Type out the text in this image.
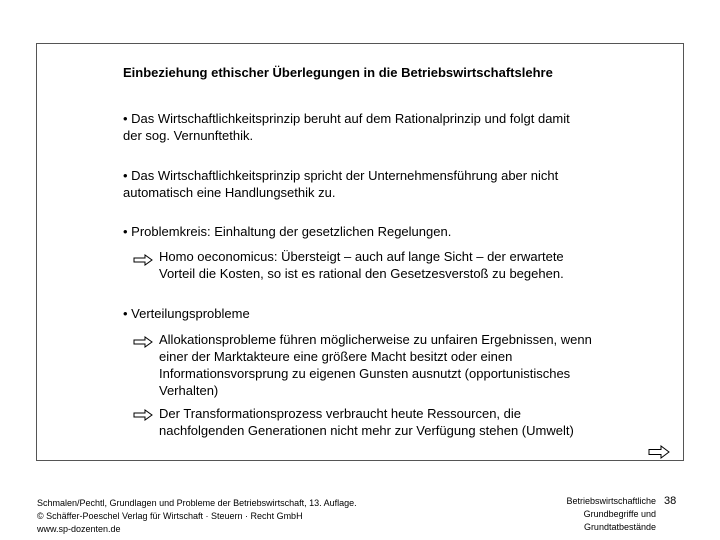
Einbeziehung ethischer Überlegungen in die Betriebswirtschaftslehre
• Das Wirtschaftlichkeitsprinzip beruht auf dem Rationalprinzip und folgt damit
der sog. Vernunftethik.
• Das Wirtschaftlichkeitsprinzip spricht der Unternehmensführung aber nicht
automatisch eine Handlungsethik zu.
• Problemkreis: Einhaltung der gesetzlichen Regelungen.
Homo oeconomicus: Übersteigt – auch auf lange Sicht – der erwartete
Vorteil die Kosten, so ist es rational den Gesetzesverstoß zu begehen.
• Verteilungsprobleme
Allokationsprobleme führen möglicherweise zu unfairen Ergebnissen, wenn
einer der Marktakteure eine größere Macht besitzt oder einen
Informationsvorsprung zu eigenen Gunsten ausnutzt (opportunistisches
Verhalten)
Der Transformationsprozess verbraucht heute Ressourcen, die
nachfolgenden Generationen nicht mehr zur Verfügung stehen (Umwelt)
Schmalen/Pechtl, Grundlagen und Probleme der Betriebswirtschaft, 13. Auflage.
© Schäffer-Poeschel Verlag für Wirtschaft · Steuern · Recht GmbH
www.sp-dozenten.de
Betriebswirtschaftliche
Grundbegriffe und
Grundtatbestände
38
